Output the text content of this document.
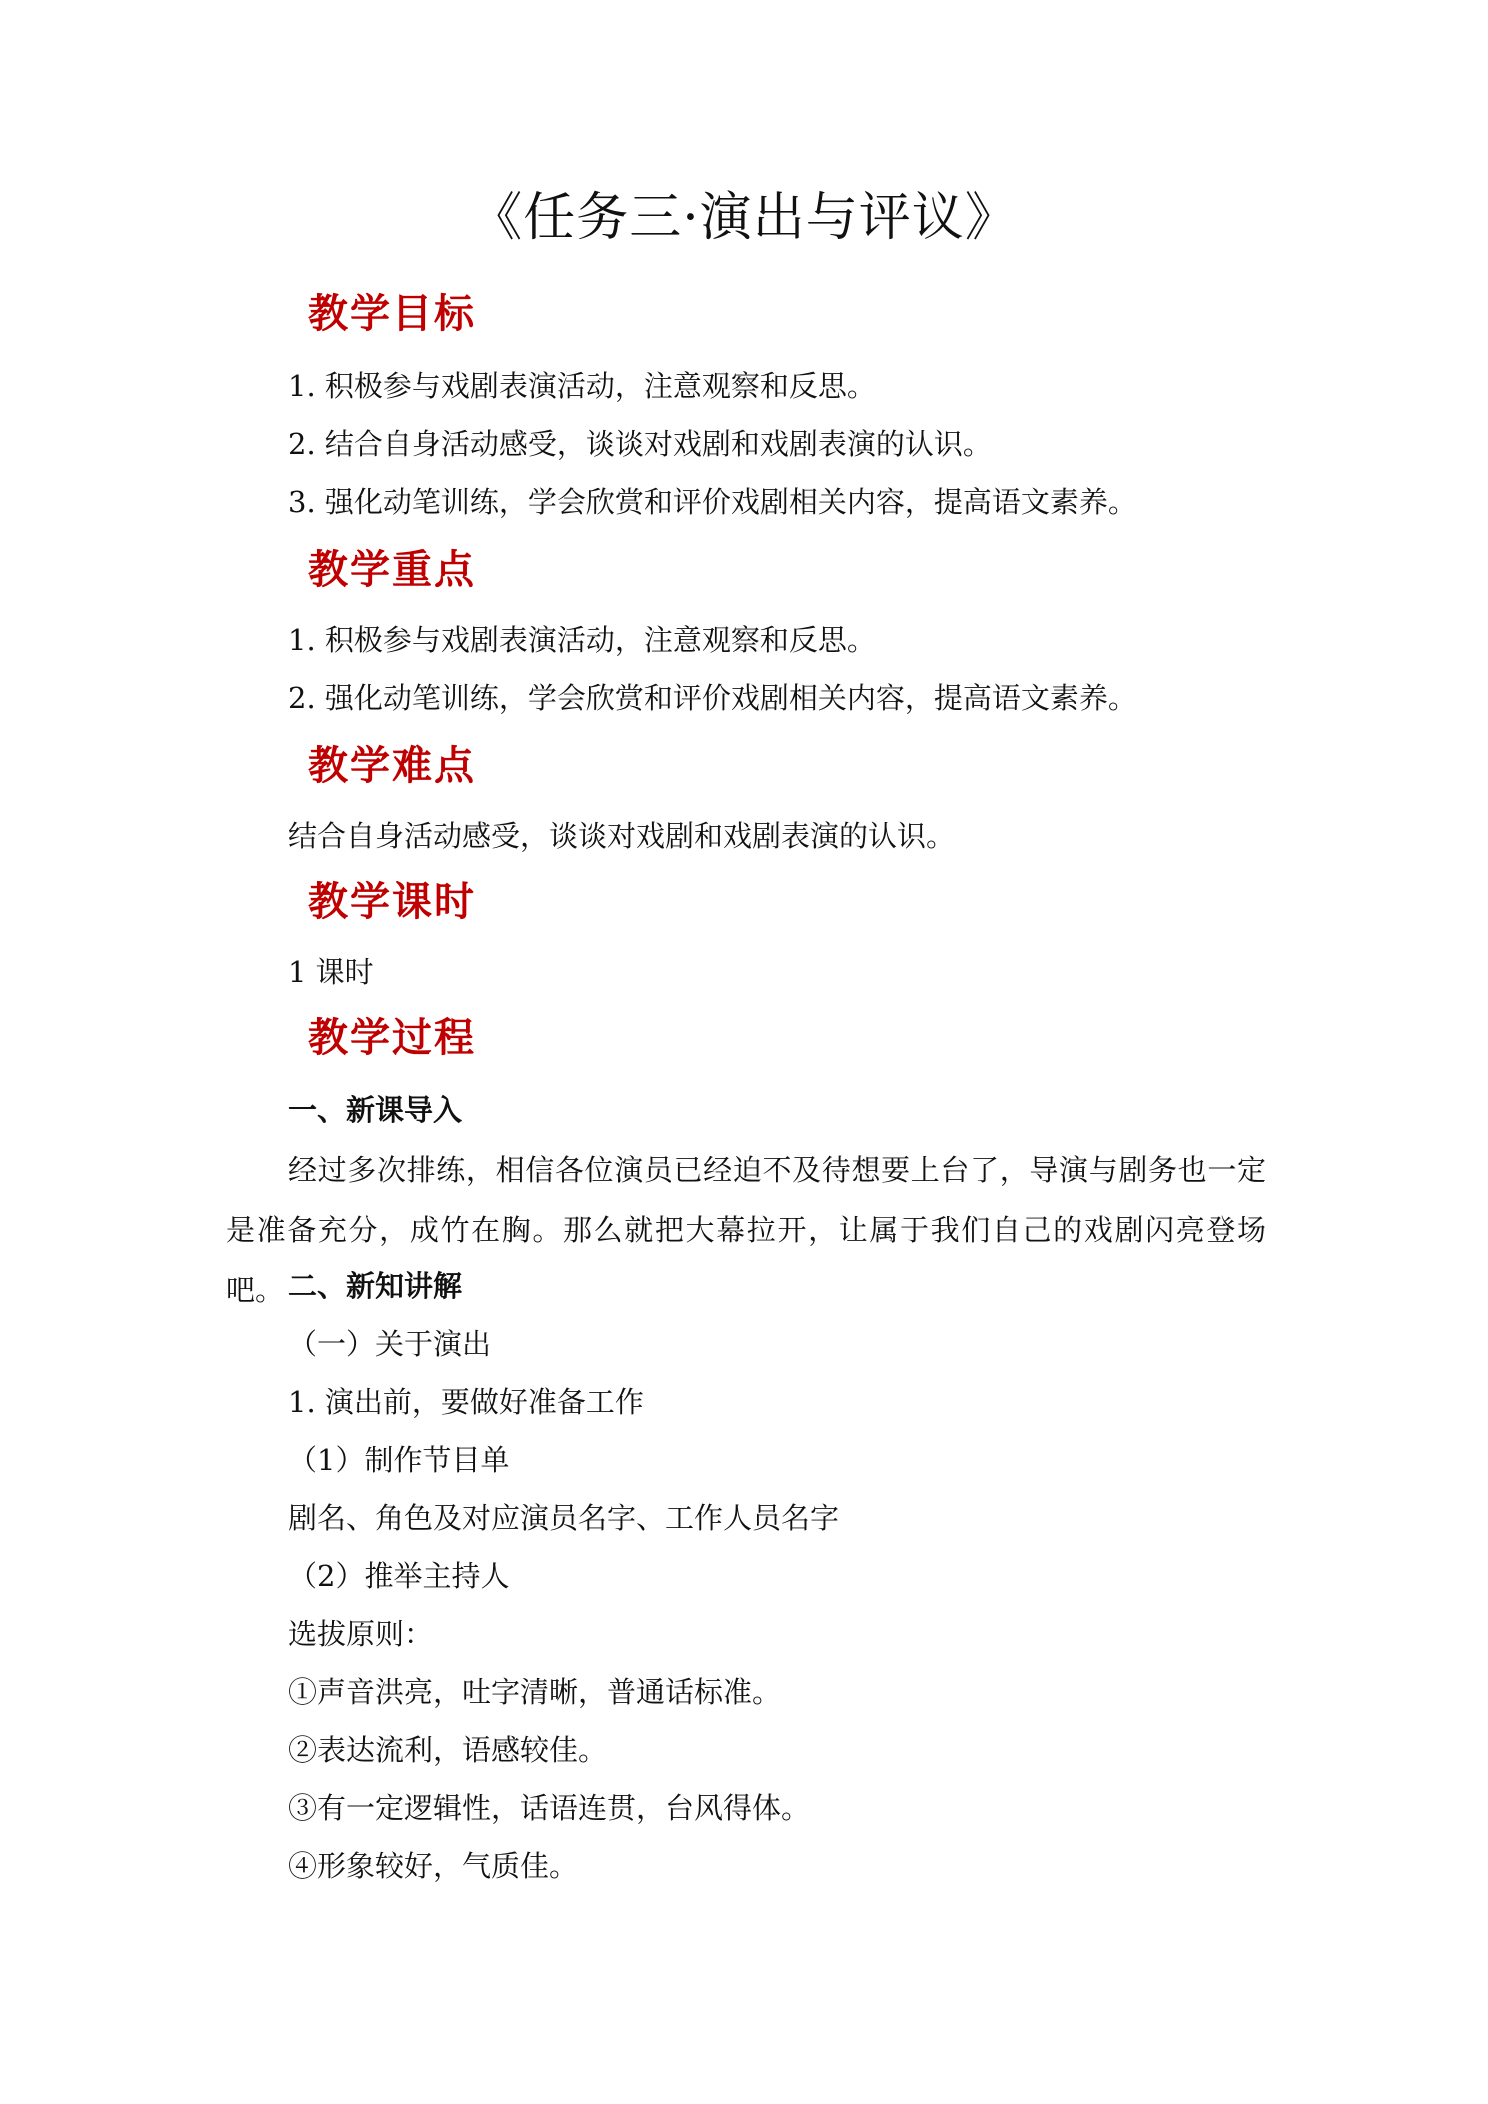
《任务三·演出与评议》
教学目标
1. 积极参与戏剧表演活动，注意观察和反思。
2. 结合自身活动感受，谈谈对戏剧和戏剧表演的认识。
3. 强化动笔训练，学会欣赏和评价戏剧相关内容，提高语文素养。
教学重点
1. 积极参与戏剧表演活动，注意观察和反思。
2. 强化动笔训练，学会欣赏和评价戏剧相关内容，提高语文素养。
教学难点
结合自身活动感受，谈谈对戏剧和戏剧表演的认识。
教学课时
1 课时
教学过程
一、新课导入
经过多次排练，相信各位演员已经迫不及待想要上台了，导演与剧务也一定是准备充分，成竹在胸。那么就把大幕拉开，让属于我们自己的戏剧闪亮登场吧。 二、新知讲解
（一）关于演出
1. 演出前，要做好准备工作
（1）制作节目单
剧名、角色及对应演员名字、工作人员名字
（2）推举主持人
选拔原则：
①声音洪亮，吐字清晰，普通话标准。
②表达流利，语感较佳。
③有一定逻辑性，话语连贯，台风得体。
④形象较好，气质佳。
